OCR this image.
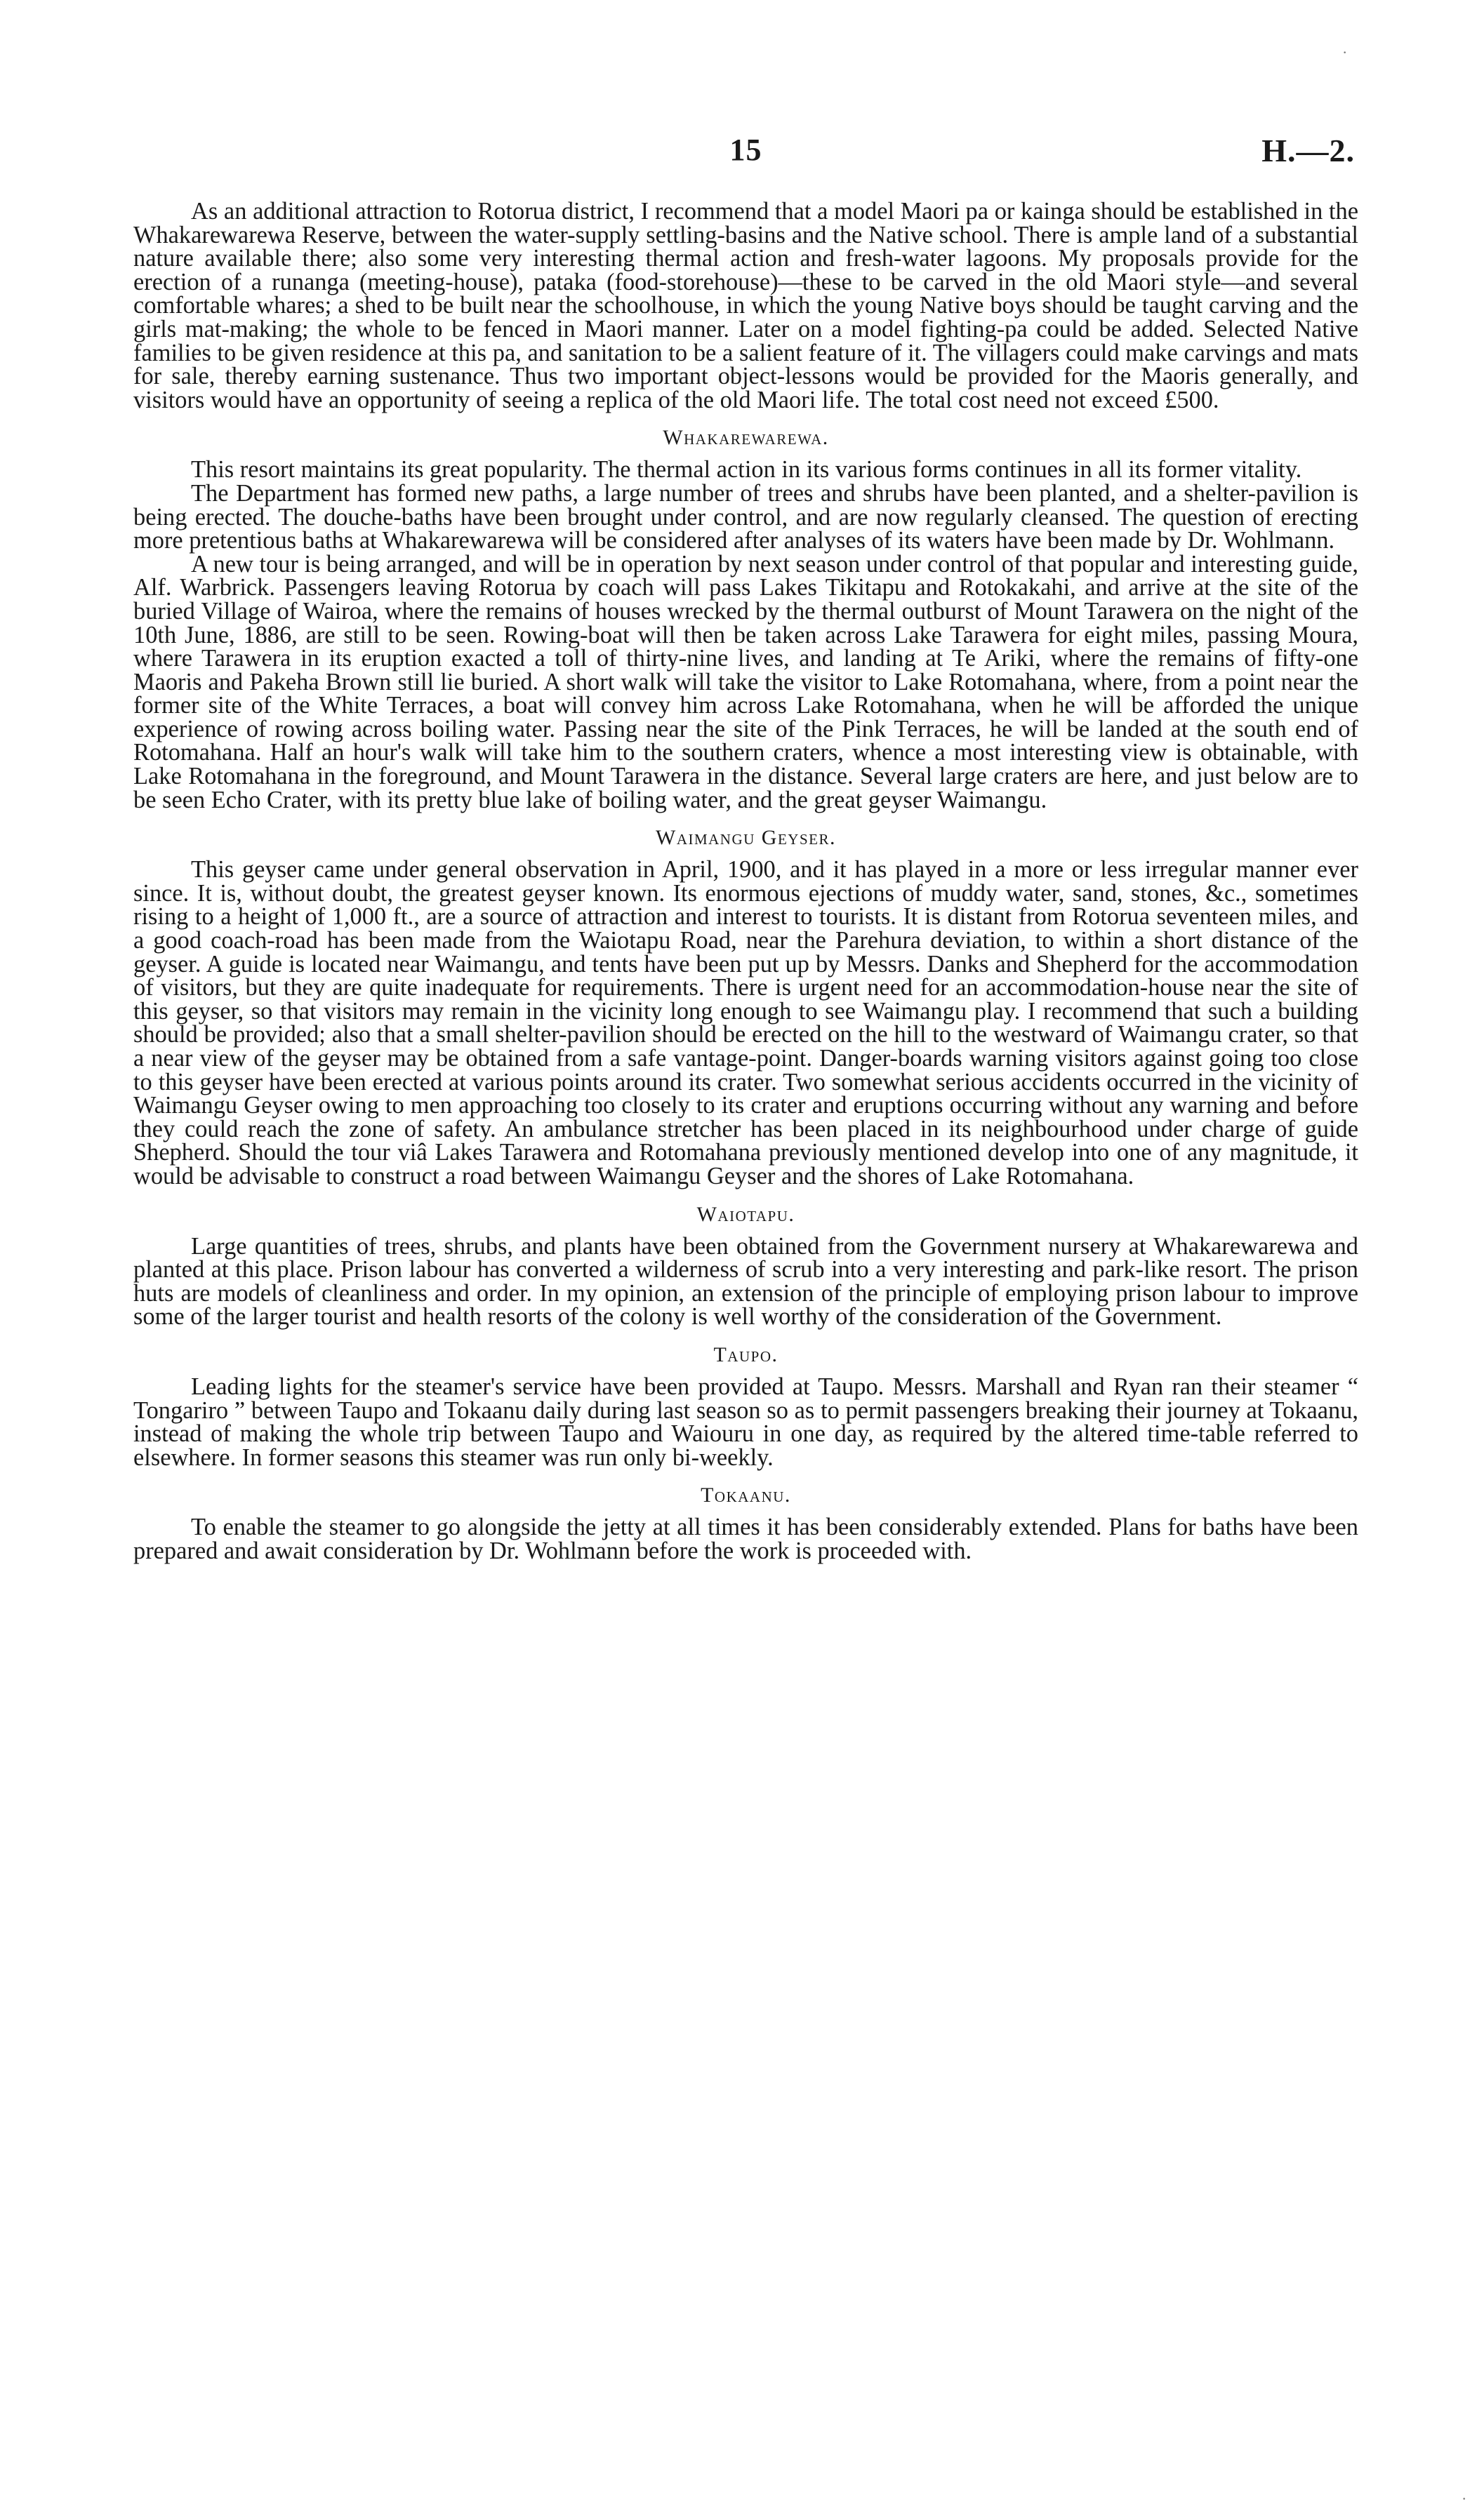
·
·
15	H.—2.

As an additional attraction to Rotorua district, I recommend that a model Maori pa or kainga should be established in the Whakarewarewa Reserve, between the water-supply settling-basins and the Native school. There is ample land of a substantial nature available there; also some very interesting thermal action and fresh-water lagoons. My proposals provide for the erection of a runanga (meeting-house), pataka (food-storehouse)—these to be carved in the old Maori style—and several comfortable whares; a shed to be built near the schoolhouse, in which the young Native boys should be taught carving and the girls mat-making; the whole to be fenced in Maori manner. Later on a model fighting-pa could be added. Selected Native families to be given residence at this pa, and sanitation to be a salient feature of it. The villagers could make carvings and mats for sale, thereby earning sustenance. Thus two important object-lessons would be provided for the Maoris generally, and visitors would have an opportunity of seeing a replica of the old Maori life. The total cost need not exceed £500.

Whakarewarewa.

This resort maintains its great popularity. The thermal action in its various forms continues in all its former vitality.

The Department has formed new paths, a large number of trees and shrubs have been planted, and a shelter-pavilion is being erected. The douche-baths have been brought under control, and are now regularly cleansed. The question of erecting more pretentious baths at Whakarewarewa will be considered after analyses of its waters have been made by Dr. Wohlmann.

A new tour is being arranged, and will be in operation by next season under control of that popular and interesting guide, Alf. Warbrick. Passengers leaving Rotorua by coach will pass Lakes Tikitapu and Rotokakahi, and arrive at the site of the buried Village of Wairoa, where the remains of houses wrecked by the thermal outburst of Mount Tarawera on the night of the 10th June, 1886, are still to be seen. Rowing-boat will then be taken across Lake Tarawera for eight miles, passing Moura, where Tarawera in its eruption exacted a toll of thirty-nine lives, and landing at Te Ariki, where the remains of fifty-one Maoris and Pakeha Brown still lie buried. A short walk will take the visitor to Lake Rotomahana, where, from a point near the former site of the White Terraces, a boat will convey him across Lake Rotomahana, when he will be afforded the unique experience of rowing across boiling water. Passing near the site of the Pink Terraces, he will be landed at the south end of Rotomahana. Half an hour's walk will take him to the southern craters, whence a most interesting view is obtainable, with Lake Rotomahana in the foreground, and Mount Tarawera in the distance. Several large craters are here, and just below are to be seen Echo Crater, with its pretty blue lake of boiling water, and the great geyser Waimangu.

Waimangu Geyser.

This geyser came under general observation in April, 1900, and it has played in a more or less irregular manner ever since. It is, without doubt, the greatest geyser known. Its enormous ejections of muddy water, sand, stones, &c., sometimes rising to a height of 1,000 ft., are a source of attraction and interest to tourists. It is distant from Rotorua seventeen miles, and a good coach-road has been made from the Waiotapu Road, near the Parehura deviation, to within a short distance of the geyser. A guide is located near Waimangu, and tents have been put up by Messrs. Danks and Shepherd for the accommodation of visitors, but they are quite inadequate for requirements. There is urgent need for an accommodation-house near the site of this geyser, so that visitors may remain in the vicinity long enough to see Waimangu play. I recommend that such a building should be provided; also that a small shelter-pavilion should be erected on the hill to the westward of Waimangu crater, so that a near view of the geyser may be obtained from a safe vantage-point. Danger-boards warning visitors against going too close to this geyser have been erected at various points around its crater. Two somewhat serious accidents occurred in the vicinity of Waimangu Geyser owing to men approaching too closely to its crater and eruptions occurring without any warning and before they could reach the zone of safety. An ambulance stretcher has been placed in its neighbourhood under charge of guide Shepherd. Should the tour viâ Lakes Tarawera and Rotomahana previously mentioned develop into one of any magnitude, it would be advisable to construct a road between Waimangu Geyser and the shores of Lake Rotomahana.

Waiotapu.

Large quantities of trees, shrubs, and plants have been obtained from the Government nursery at Whakarewarewa and planted at this place. Prison labour has converted a wilderness of scrub into a very interesting and park-like resort. The prison huts are models of cleanliness and order. In my opinion, an extension of the principle of employing prison labour to improve some of the larger tourist and health resorts of the colony is well worthy of the consideration of the Government.

Taupo.

Leading lights for the steamer's service have been provided at Taupo. Messrs. Marshall and Ryan ran their steamer “ Tongariro ” between Taupo and Tokaanu daily during last season so as to permit passengers breaking their journey at Tokaanu, instead of making the whole trip between Taupo and Waiouru in one day, as required by the altered time-table referred to elsewhere. In former seasons this steamer was run only bi-weekly.

Tokaanu.

To enable the steamer to go alongside the jetty at all times it has been considerably extended. Plans for baths have been prepared and await consideration by Dr. Wohlmann before the work is proceeded with.
